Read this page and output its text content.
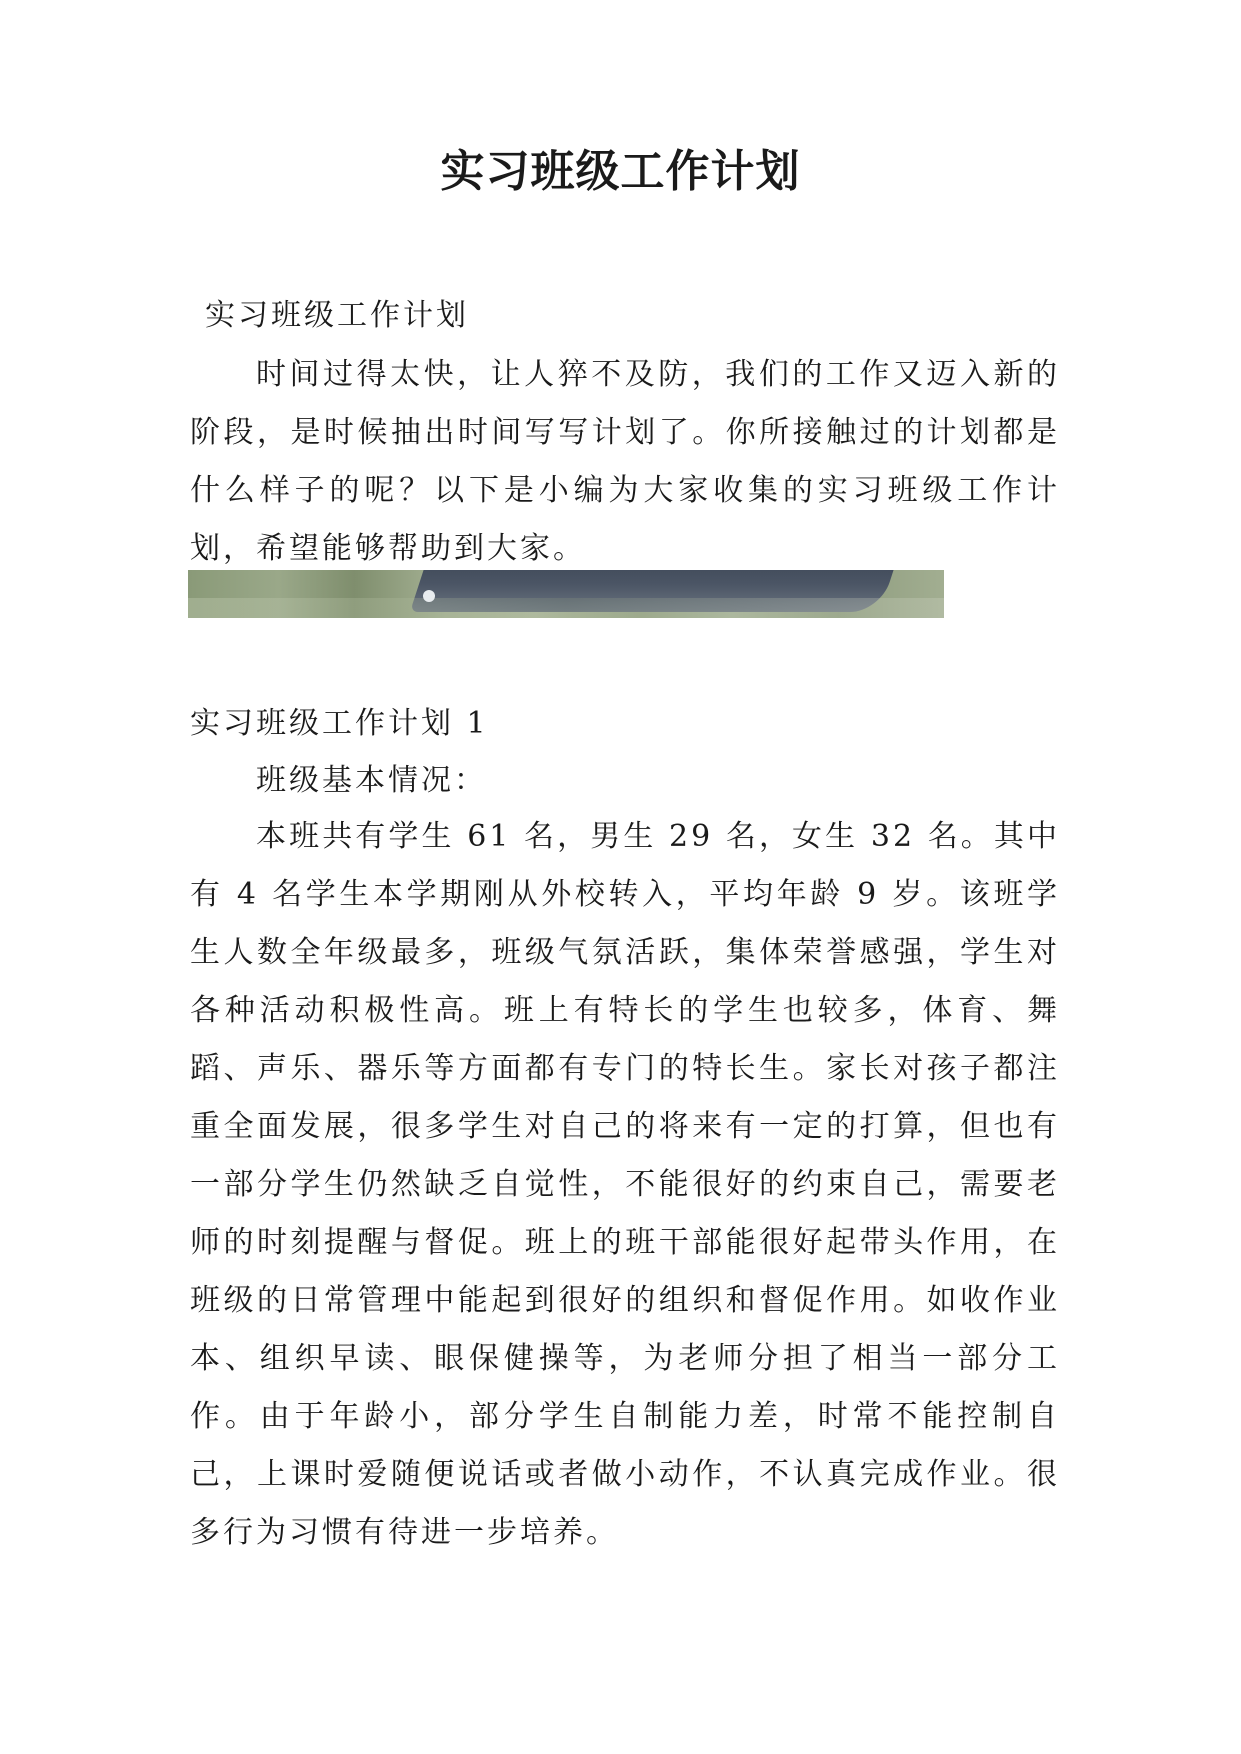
实习班级工作计划

实习班级工作计划

时间过得太快，让人猝不及防，我们的工作又迈入新的阶段，是时候抽出时间写写计划了。你所接触过的计划都是什么样子的呢？以下是小编为大家收集的实习班级工作计划，希望能够帮助到大家。

实习班级工作计划 1

班级基本情况：

本班共有学生 61 名，男生 29 名，女生 32 名。其中有 4 名学生本学期刚从外校转入，平均年龄 9 岁。该班学生人数全年级最多，班级气氛活跃，集体荣誉感强，学生对各种活动积极性高。班上有特长的学生也较多，体育、舞蹈、声乐、器乐等方面都有专门的特长生。家长对孩子都注重全面发展，很多学生对自己的将来有一定的打算，但也有一部分学生仍然缺乏自觉性，不能很好的约束自己，需要老师的时刻提醒与督促。班上的班干部能很好起带头作用，在班级的日常管理中能起到很好的组织和督促作用。如收作业本、组织早读、眼保健操等，为老师分担了相当一部分工作。由于年龄小，部分学生自制能力差，时常不能控制自己，上课时爱随便说话或者做小动作，不认真完成作业。很多行为习惯有待进一步培养。
